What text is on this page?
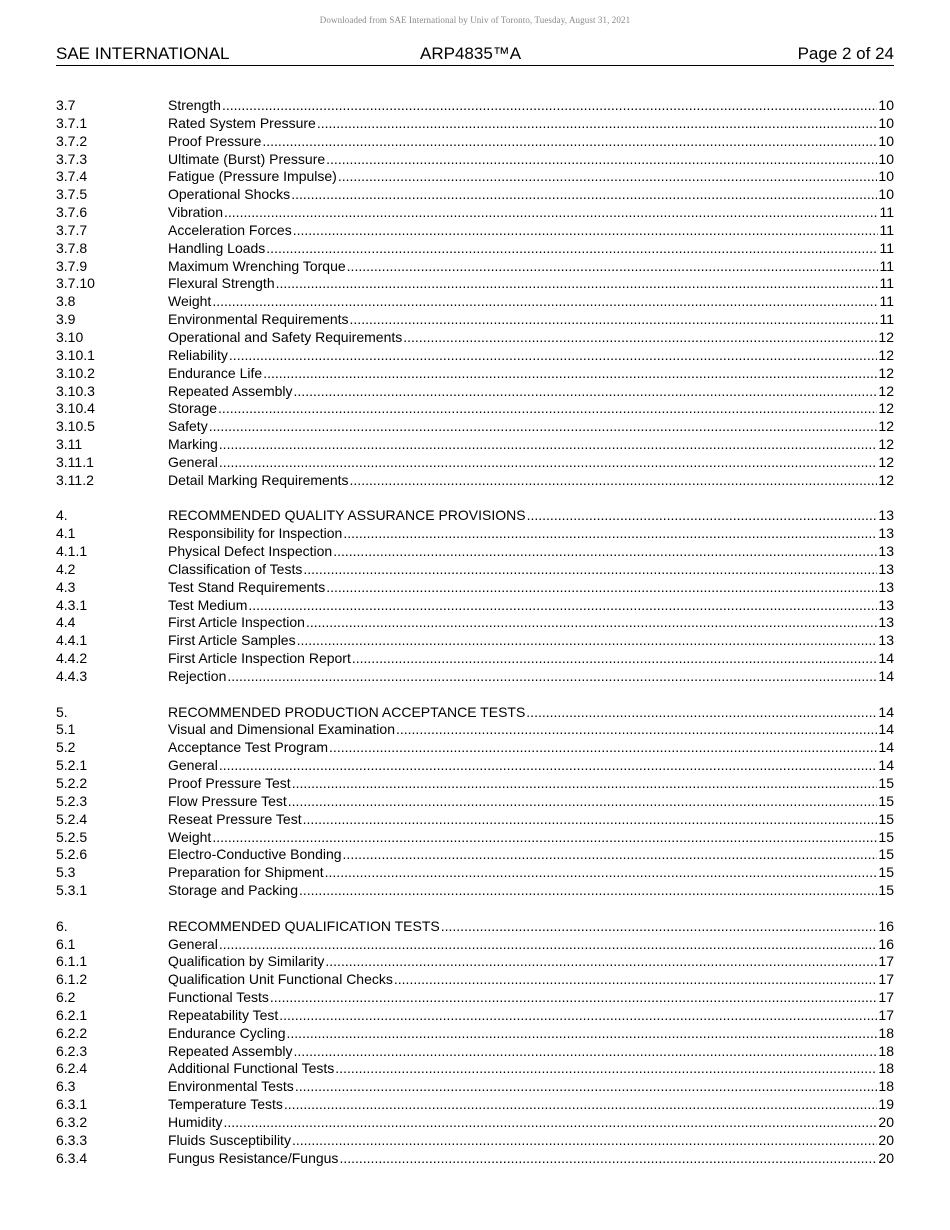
Downloaded from SAE International by Univ of Toronto, Tuesday, August 31, 2021
SAE INTERNATIONAL	ARP4835™A	Page 2 of 24
3.7	Strength .....	10
3.7.1	Rated System Pressure .....	10
3.7.2	Proof Pressure .....	10
3.7.3	Ultimate (Burst) Pressure .....	10
3.7.4	Fatigue (Pressure Impulse) .....	10
3.7.5	Operational Shocks .....	10
3.7.6	Vibration .....	11
3.7.7	Acceleration Forces .....	11
3.7.8	Handling Loads .....	11
3.7.9	Maximum Wrenching Torque .....	11
3.7.10	Flexural Strength .....	11
3.8	Weight .....	11
3.9	Environmental Requirements .....	11
3.10	Operational and Safety Requirements .....	12
3.10.1	Reliability .....	12
3.10.2	Endurance Life .....	12
3.10.3	Repeated Assembly .....	12
3.10.4	Storage .....	12
3.10.5	Safety .....	12
3.11	Marking .....	12
3.11.1	General .....	12
3.11.2	Detail Marking Requirements .....	12
4.	RECOMMENDED QUALITY ASSURANCE PROVISIONS .....	13
4.1	Responsibility for Inspection .....	13
4.1.1	Physical Defect Inspection .....	13
4.2	Classification of Tests .....	13
4.3	Test Stand Requirements .....	13
4.3.1	Test Medium .....	13
4.4	First Article Inspection .....	13
4.4.1	First Article Samples .....	13
4.4.2	First Article Inspection Report .....	14
4.4.3	Rejection .....	14
5.	RECOMMENDED PRODUCTION ACCEPTANCE TESTS .....	14
5.1	Visual and Dimensional Examination .....	14
5.2	Acceptance Test Program .....	14
5.2.1	General .....	14
5.2.2	Proof Pressure Test .....	15
5.2.3	Flow Pressure Test .....	15
5.2.4	Reseat Pressure Test .....	15
5.2.5	Weight .....	15
5.2.6	Electro-Conductive Bonding .....	15
5.3	Preparation for Shipment .....	15
5.3.1	Storage and Packing .....	15
6.	RECOMMENDED QUALIFICATION TESTS .....	16
6.1	General .....	16
6.1.1	Qualification by Similarity .....	17
6.1.2	Qualification Unit Functional Checks .....	17
6.2	Functional Tests .....	17
6.2.1	Repeatability Test .....	17
6.2.2	Endurance Cycling .....	18
6.2.3	Repeated Assembly .....	18
6.2.4	Additional Functional Tests .....	18
6.3	Environmental Tests .....	18
6.3.1	Temperature Tests .....	19
6.3.2	Humidity .....	20
6.3.3	Fluids Susceptibility .....	20
6.3.4	Fungus Resistance/Fungus .....	20
